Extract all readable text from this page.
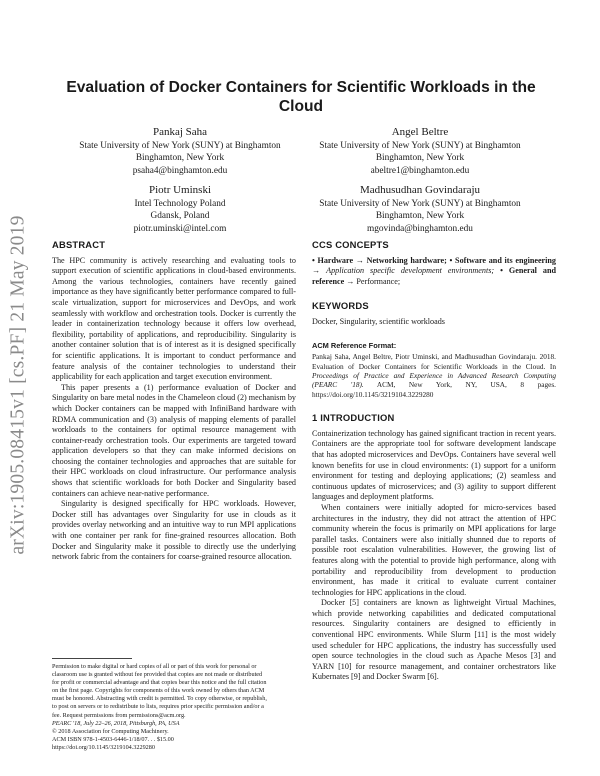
arXiv:1905.08415v1 [cs.PF] 21 May 2019
Evaluation of Docker Containers for Scientific Workloads in the Cloud
Pankaj Saha
State University of New York (SUNY) at Binghamton
Binghamton, New York
psaha4@binghamton.edu
Angel Beltre
State University of New York (SUNY) at Binghamton
Binghamton, New York
abeltre1@binghamton.edu
Piotr Uminski
Intel Technology Poland
Gdansk, Poland
piotr.uminski@intel.com
Madhusudhan Govindaraju
State University of New York (SUNY) at Binghamton
Binghamton, New York
mgovinda@binghamton.edu
ABSTRACT

The HPC community is actively researching and evaluating tools to support execution of scientific applications in cloud-based environments. Among the various technologies, containers have recently gained importance as they have significantly better performance compared to full-scale virtualization, support for microservices and DevOps, and work seamlessly with workflow and orchestration tools. Docker is currently the leader in containerization technology because it offers low overhead, flexibility, portability of applications, and reproducibility. Singularity is another container solution that is of interest as it is designed specifically for scientific applications. It is important to conduct performance and feature analysis of the container technologies to understand their applicability for each application and target execution environment.

This paper presents a (1) performance evaluation of Docker and Singularity on bare metal nodes in the Chameleon cloud (2) mechanism by which Docker containers can be mapped with InfiniBand hardware with RDMA communication and (3) analysis of mapping elements of parallel workloads to the containers for optimal resource management with container-ready orchestration tools. Our experiments are targeted toward application developers so that they can make informed decisions on choosing the container technologies and approaches that are suitable for their HPC workloads on cloud infrastructure. Our performance analysis shows that scientific workloads for both Docker and Singularity based containers can achieve near-native performance.

Singularity is designed specifically for HPC workloads. However, Docker still has advantages over Singularity for use in clouds as it provides overlay networking and an intuitive way to run MPI applications with one container per rank for fine-grained resources allocation. Both Docker and Singularity make it possible to directly use the underlying network fabric from the containers for coarse-grained resource allocation.

Permission to make digital or hard copies of all or part of this work for personal or
classroom use is granted without fee provided that copies are not made or distributed
for profit or commercial advantage and that copies bear this notice and the full citation
on the first page. Copyrights for components of this work owned by others than ACM
must be honored. Abstracting with credit is permitted. To copy otherwise, or republish,
to post on servers or to redistribute to lists, requires prior specific permission and/or a
fee. Request permissions from permissions@acm.org.
PEARC '18, July 22–26, 2018, Pittsburgh, PA, USA
© 2018 Association for Computing Machinery.
ACM ISBN 978-1-4503-6446-1/18/07. . . $15.00
https://doi.org/10.1145/3219104.3229280
CCS CONCEPTS

• Hardware → Networking hardware; • Software and its engineering → Application specific development environments; • General and reference → Performance;

KEYWORDS

Docker, Singularity, scientific workloads

ACM Reference Format:

Pankaj Saha, Angel Beltre, Piotr Uminski, and Madhusudhan Govindaraju. 2018. Evaluation of Docker Containers for Scientific Workloads in the Cloud. In Proceedings of Practice and Experience in Advanced Research Computing (PEARC '18). ACM, New York, NY, USA, 8 pages. https://doi.org/10.1145/3219104.3229280

1 INTRODUCTION

Containerization technology has gained significant traction in recent years. Containers are the appropriate tool for software development landscape that has adopted microservices and DevOps. Containers have several well known benefits for use in cloud environments: (1) support for a uniform environment for testing and deploying applications; (2) seamless and continuous updates of microservices; and (3) agility to support different languages and deployment platforms.

When containers were initially adopted for micro-services based architectures in the industry, they did not attract the attention of HPC community wherein the focus is primarily on MPI applications for large parallel tasks. Containers were also initially shunned due to reports of possible root escalation vulnerabilities. However, the growing list of features along with the potential to provide high performance, along with portability and reproducibility from development to production environment, has made it critical to evaluate current container technologies for HPC applications in the cloud.

Docker [5] containers are known as lightweight Virtual Machines, which provide networking capabilities and dedicated computational resources. Singularity containers are designed to efficiently in conventional HPC environments. While Slurm [11] is the most widely used scheduler for HPC applications, the industry has successfully used open source technologies in the cloud such as Apache Mesos [3] and YARN [10] for resource management, and container orchestrators like Kubernates [9] and Docker Swarm [6].
